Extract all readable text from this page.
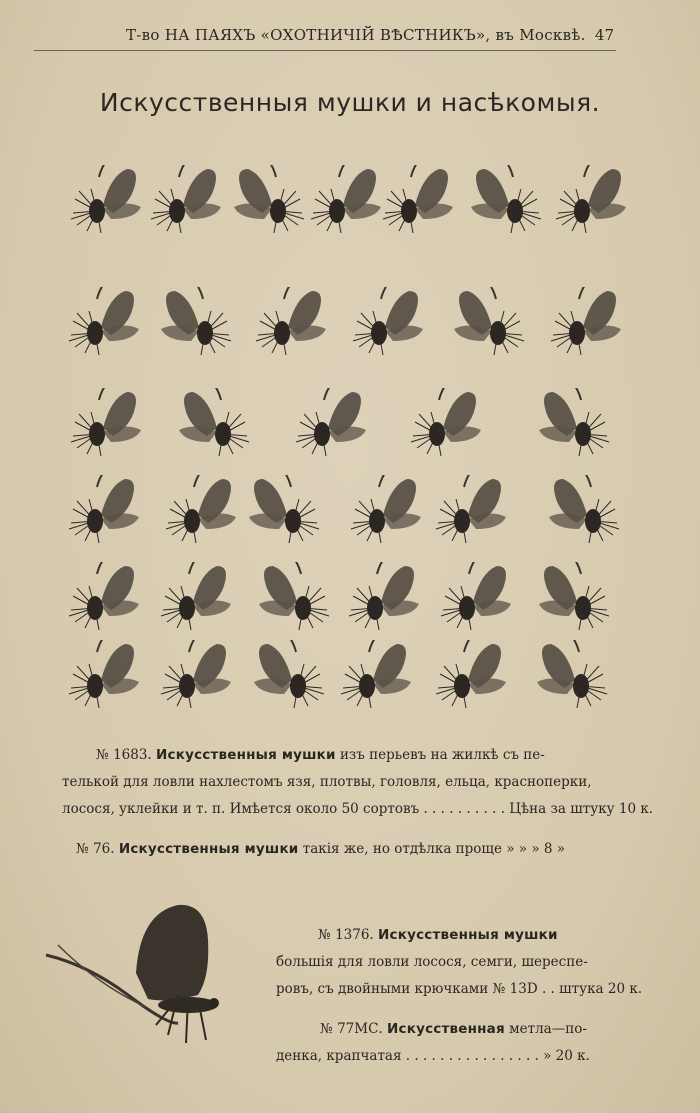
Т-во НА ПАЯХЪ «ОХОТНИЧІЙ ВѢСТНИКЪ», въ Москвѣ. 47
Искусственныя мушки и насѣкомыя.
№ 1683. Искусственныя мушки изъ перьевъ на жилкѣ съ пе-
телькой для ловли нахлестомъ язя, плотвы, головля, ельца, краснoперки,
лосося, уклейки и т. п. Имѣется около 50 сортовъ . . . . . . . . . . Цѣна за штуку 10 к.
№ 76. Искусственныя мушки такія же, но отдѣлка проще » » » 8 »
№ 1376. Искусственныя мушки
большія для ловли лосося, семги, шереспе-
ровъ, съ двойными крючками № 13D . . штука 20 к.
№ 77МС. Искусственная метла—по-
денка, крапчатая . . . . . . . . . . . . . . . . » 20 к.
